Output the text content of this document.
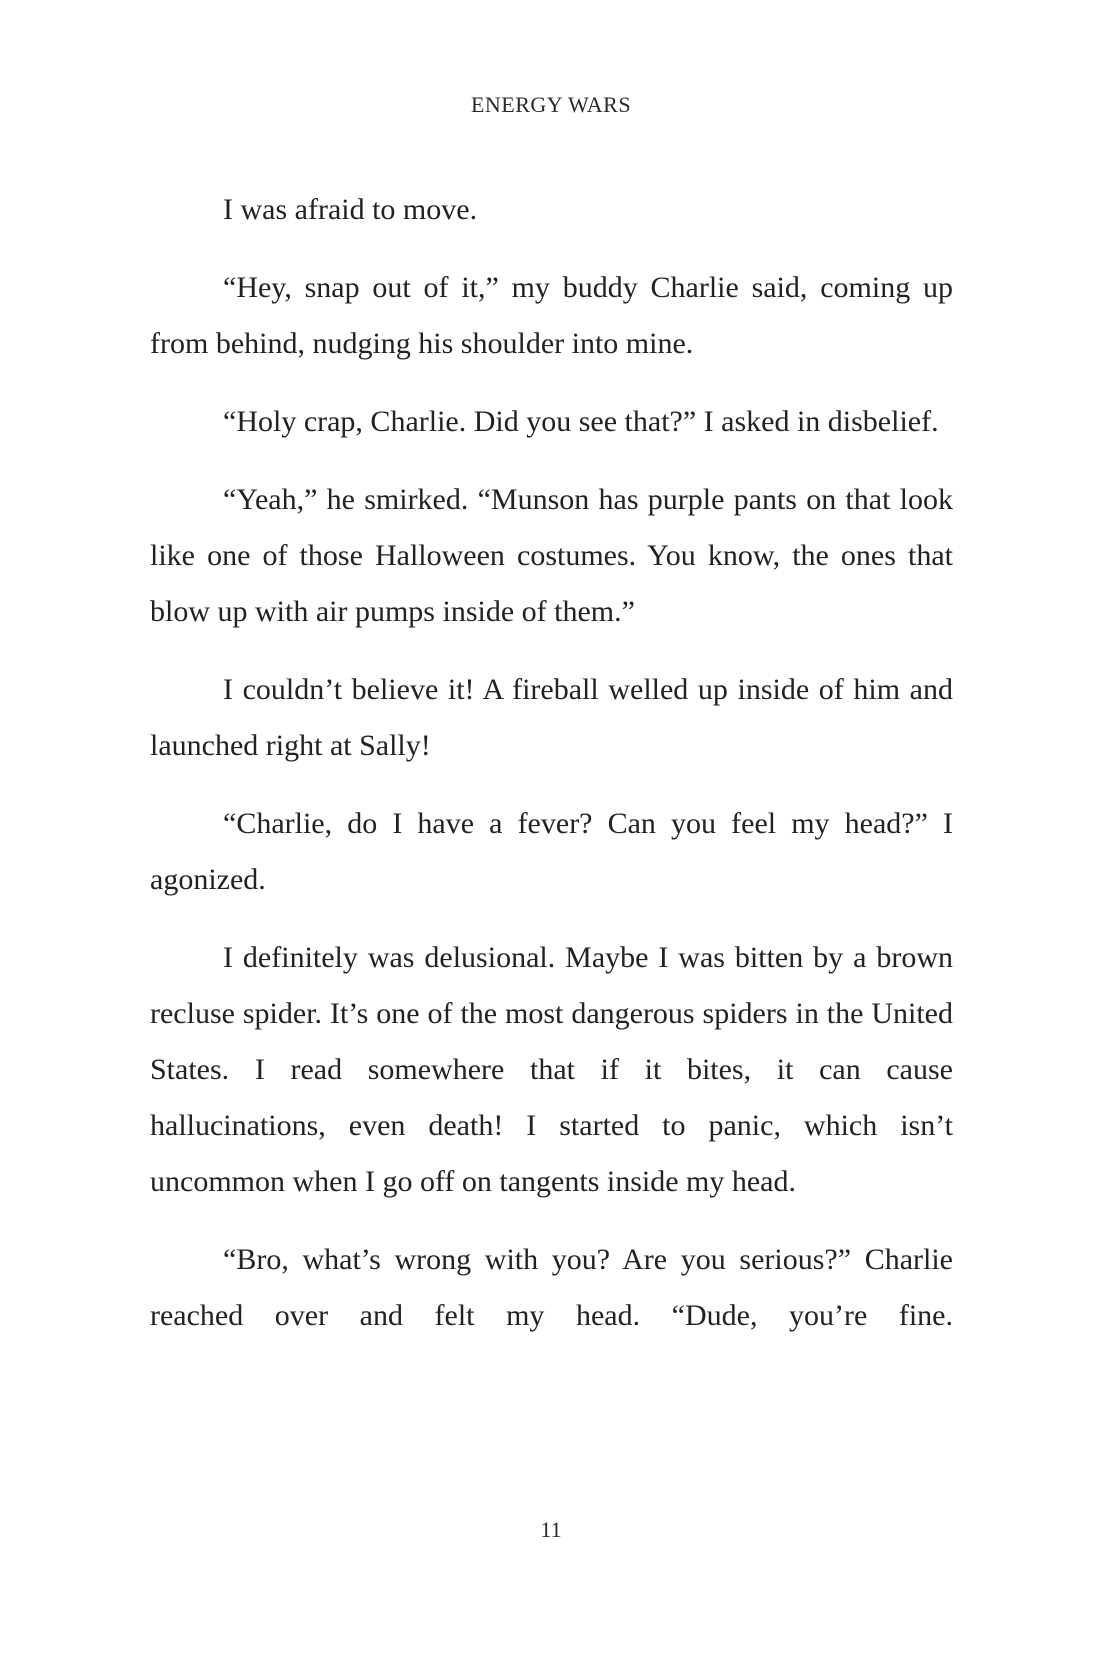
ENERGY WARS

I was afraid to move.

“Hey, snap out of it,” my buddy Charlie said, coming up from behind, nudging his shoulder into mine.

“Holy crap, Charlie. Did you see that?” I asked in disbelief.

“Yeah,” he smirked. “Munson has purple pants on that look like one of those Halloween costumes. You know, the ones that blow up with air pumps inside of them.”

I couldn’t believe it! A fireball welled up inside of him and launched right at Sally!

“Charlie, do I have a fever? Can you feel my head?” I agonized.

I definitely was delusional. Maybe I was bitten by a brown recluse spider. It’s one of the most dangerous spiders in the United States. I read somewhere that if it bites, it can cause hallucinations, even death! I started to panic, which isn’t uncommon when I go off on tangents inside my head.

“Bro, what’s wrong with you? Are you serious?” Charlie reached over and felt my head. “Dude, you’re fine.

11
